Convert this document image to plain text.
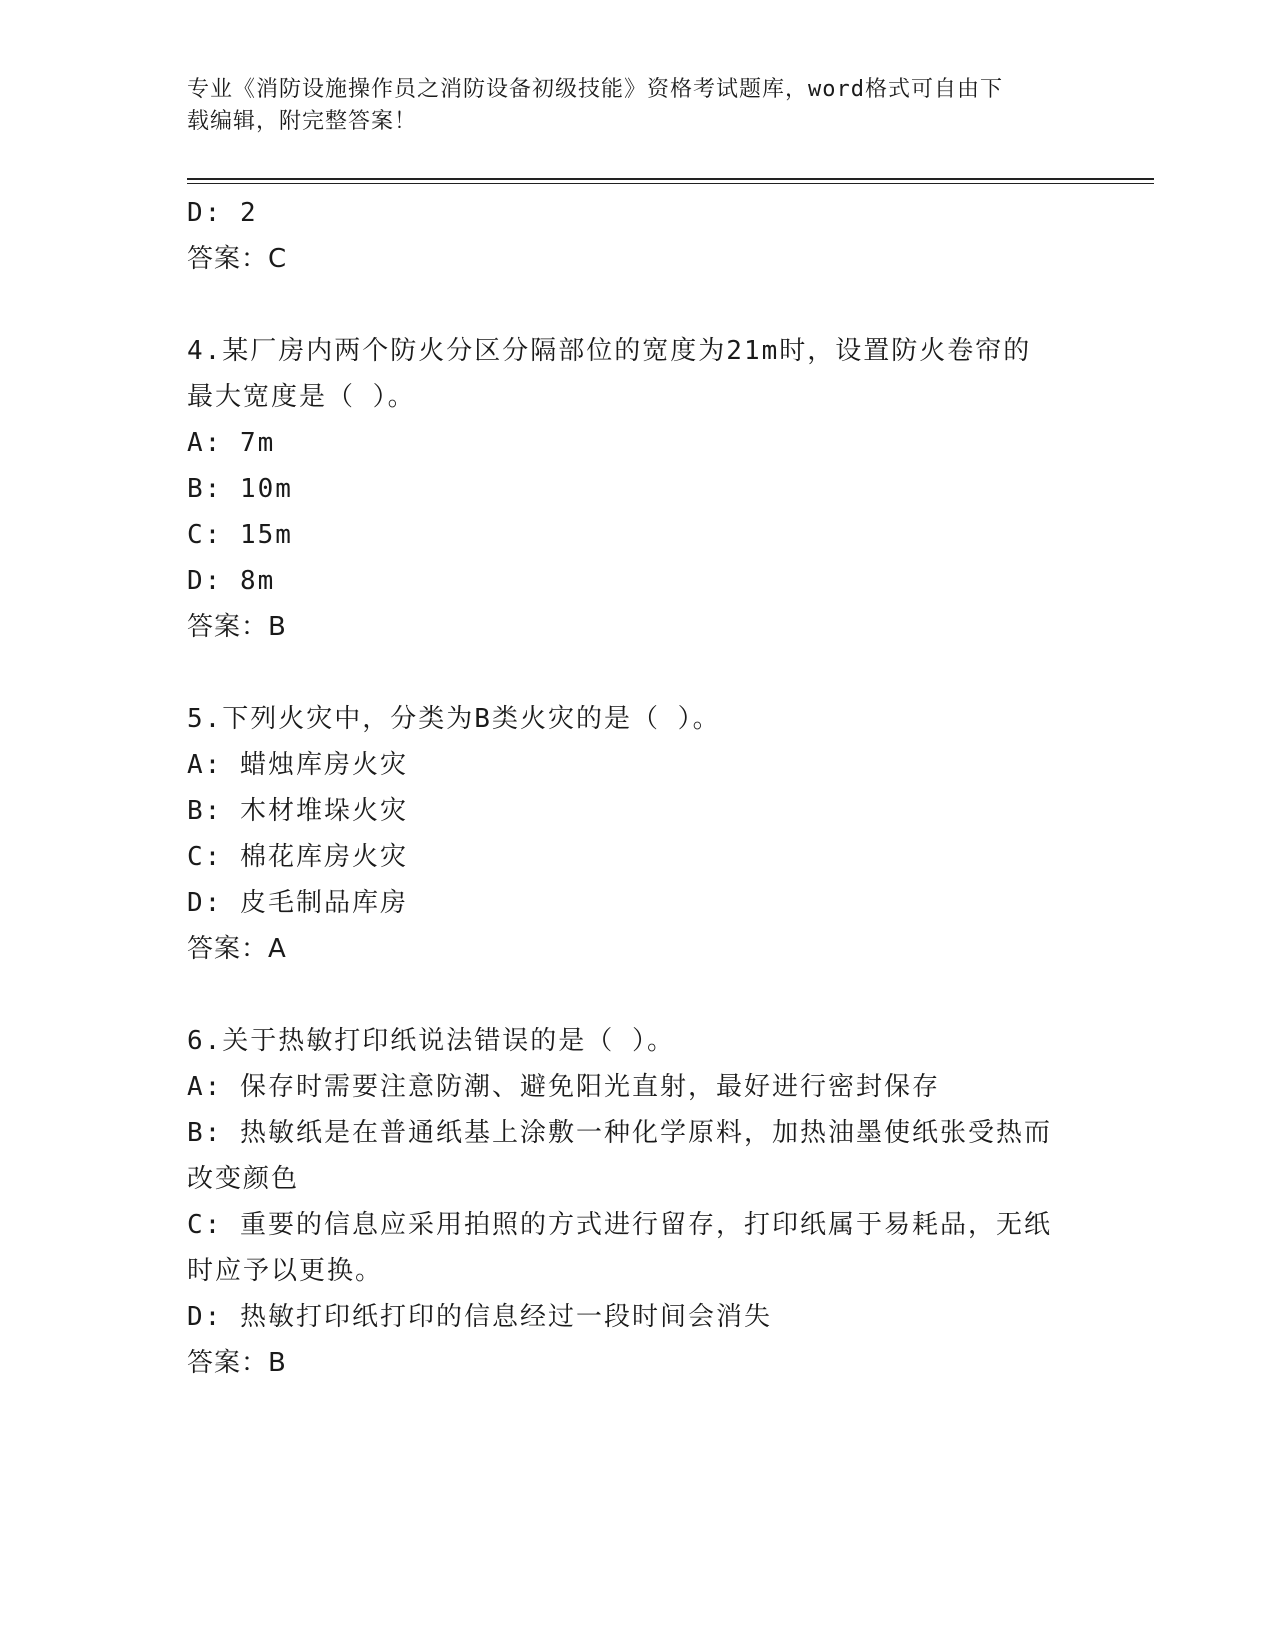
专业《消防设施操作员之消防设备初级技能》资格考试题库，word格式可自由下
载编辑，附完整答案！
D: 2
答案：C
4.某厂房内两个防火分区分隔部位的宽度为21m时，设置防火卷帘的
最大宽度是（ ）。
A: 7m
B: 10m
C: 15m
D: 8m
答案：B
5.下列火灾中，分类为B类火灾的是（ ）。
A: 蜡烛库房火灾
B: 木材堆垛火灾
C: 棉花库房火灾
D: 皮毛制品库房
答案：A
6.关于热敏打印纸说法错误的是（ ）。
A: 保存时需要注意防潮、避免阳光直射，最好进行密封保存
B: 热敏纸是在普通纸基上涂敷一种化学原料，加热油墨使纸张受热而
改变颜色
C: 重要的信息应采用拍照的方式进行留存，打印纸属于易耗品，无纸
时应予以更换。
D: 热敏打印纸打印的信息经过一段时间会消失
答案：B
